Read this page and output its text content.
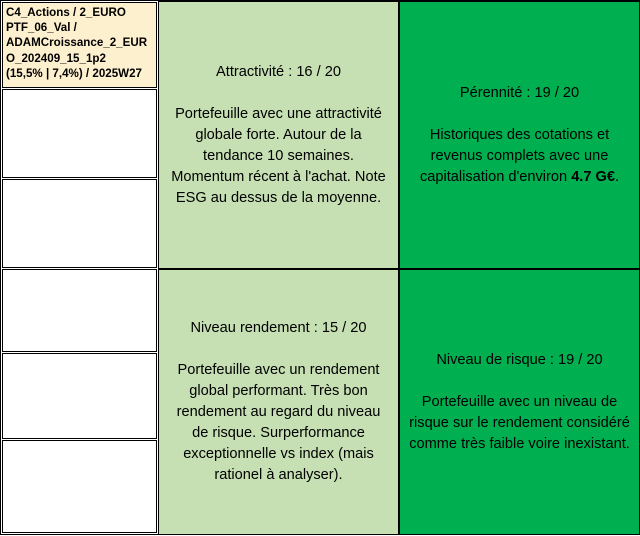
C4_Actions / 2_EURO
PTF_06_Val /
ADAMCroissance_2_EUR
O_202409_15_1p2
(15,5% | 7,4%) / 2025W27	Attractivité : 16 / 20
Portefeuille avec une attractivité globale forte. Autour de la tendance 10 semaines. Momentum récent à l'achat. Note ESG au dessus de la moyenne.
Pérennité : 19 / 20
Historiques des cotations et revenus complets avec une capitalisation d'environ 4.7 G€.
Niveau rendement : 15 / 20
Portefeuille avec un rendement global performant. Très bon rendement au regard du niveau de risque. Surperformance exceptionnelle vs index (mais rationel à analyser).
Niveau de risque : 19 / 20
Portefeuille avec un niveau de risque sur le rendement considéré comme très faible voire inexistant.
